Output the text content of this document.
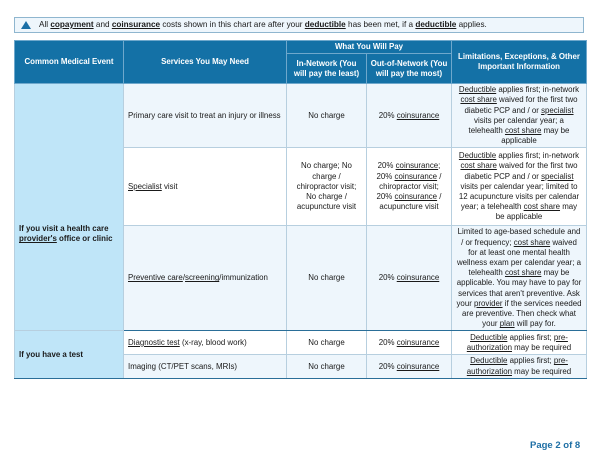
All copayment and coinsurance costs shown in this chart are after your deductible has been met, if a deductible applies.
Common Medical Event	Services You May Need	What You Will Pay		Limitations, Exceptions, & Other Important Information
		In-Network (You will pay the least)	Out-of-Network (You will pay the most)	
If you visit a health care provider's office or clinic	Primary care visit to treat an injury or illness	No charge	20% coinsurance	Deductible applies first; in-network cost share waived for the first two diabetic PCP and / or specialist visits per calendar year; a telehealth cost share may be applicable
	Specialist visit	No charge; No charge / chiropractor visit; No charge / acupuncture visit	20% coinsurance; 20% coinsurance / chiropractor visit; 20% coinsurance / acupuncture visit	Deductible applies first; in-network cost share waived for the first two diabetic PCP and / or specialist visits per calendar year; limited to 12 acupuncture visits per calendar year; a telehealth cost share may be applicable
	Preventive care/screening/immunization	No charge	20% coinsurance	Limited to age-based schedule and / or frequency; cost share waived for at least one mental health wellness exam per calendar year; a telehealth cost share may be applicable. You may have to pay for services that aren't preventive. Ask your provider if the services needed are preventive. Then check what your plan will pay for.
If you have a test	Diagnostic test (x-ray, blood work)	No charge	20% coinsurance	Deductible applies first; pre-authorization may be required
	Imaging (CT/PET scans, MRIs)	No charge	20% coinsurance	Deductible applies first; pre-authorization may be required
Page 2 of 8
